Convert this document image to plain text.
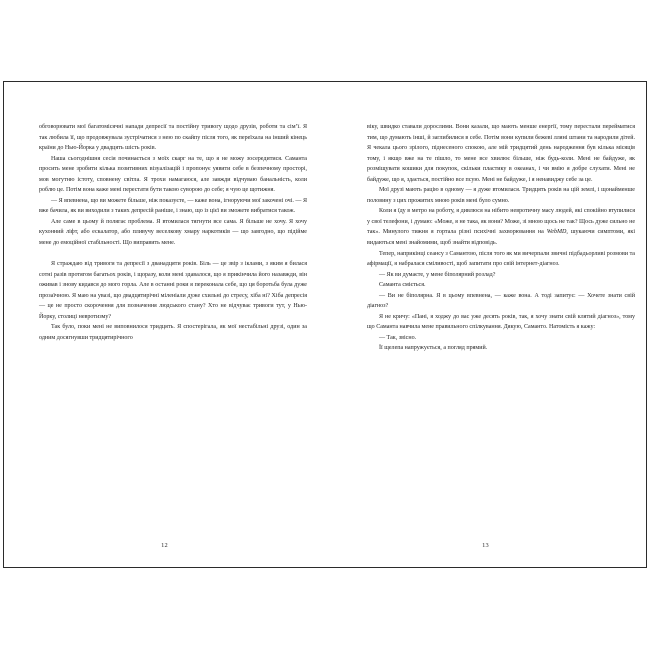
обговорювати мої багатомісячні напади депресії та постійну тривогу щодо друзів, роботи та сім’ї. Я так любила її, що продовжувала зустрічатися з нею по скайпу після того, як переїхала на інший кінець країни до Нью-Йорка у двадцять шість років.

Наша сьогоднішня сесія починається з моїх скарг на те, що я не можу зосередитися. Саманта просить мене зробити кілька позитивних візуалізацій і пропонує уявити себе в безпечному просторі, мов могутню істоту, сповнену світла. Я трохи намагаюся, але завжди відчуваю банальність, коли роблю це. Потім вона каже мені перестати бути такою суворою до себе; я чую це щотижня.

— Я впевнена, що ви можете більше, ніж показуєте, — каже вона, ігноруючи мої закочені очі. — Я вже бачила, як ви виходили з таких депресій раніше, і знаю, що із цієї ви зможете вибратися також.

Але саме в цьому й полягає проблема. Я втомилася тягнути все сама. Я більше не хочу. Я хочу кухонний ліфт, або ескалатор, або пливучу веселкову хмару наркотиків — що завгодно, що підійме мене до емоційної стабільності. Що виправить мене.

Я страждаю від тривоги та депресії з дванадцяти років. Біль — це звір з іклами, з яким я билася сотні разів протягом багатьох років, і щоразу, коли мені здавалося, що я прикінчила його назавжди, він оживав і знову кидався до мого горла. Але в останні роки я переконала себе, що ця боротьба була дуже прозаїчною. Я маю на увазі, що двадцятирічні міленіали дуже схильні до стресу, хіба ні? Хіба депресія — це не просто скорочення для позначення людського стану? Хто не відчуває тривоги тут, у Нью-Йорку, столиці невротизму?

Так було, поки мені не виповнилося тридцять. Я спостерігала, як мої нестабільні друзі, один за одним досягнувши тридцятирічного

12

віку, швидко ставали дорослими. Вони казали, що мають менше енергії, тому перестали перейматися тим, що думають інші, й заглибилися в себе. Потім вони купили бежеві лляні штани та народили дітей. Я чекала цього зрілого, піднесеного спокою, але мій тридцятий день народження був кілька місяців тому, і якщо вже на те пішло, то мене все хвилює більше, ніж будь-коли. Мені не байдуже, як розміщувати кошики для покупок, скільки пластику в океанах, і чи вмію я добре слухати. Мені не байдуже, що я, здається, постійно все псую. Мені не байдуже, і я ненавиджу себе за це.

Мої друзі мають рацію в одному — я дуже втомилася. Тридцять років на цій землі, і щонайменше половину з цих прожитих мною років мені було сумно.

Коли я їду в метро на роботу, я дивлюся на нібито невротичну масу людей, які спокійно втупилися у свої телефони, і думаю: «Може, я не така, як вони? Може, зі мною щось не так? Щось дуже сильно не так». Минулого тижня я гортала різні психічні захворювання на WebMD, шукаючи симптоми, які видаються мені знайомими, щоб знайти відповідь.

Тепер, наприкінці сеансу з Самантою, після того як ми вичерпали звичні підбадьорливі розмови та афірмації, я набралася сміливості, щоб запитати про свій інтернет-діагноз.

— Як ви думаєте, у мене біполярний розлад?

Саманта сміється.

— Ви не біполярна. Я в цьому впевнена, — каже вона. А тоді запитує: — Хочете знати свій діагноз?

Я не кричу: «Пані, я ходжу до вас уже десять років, так, я хочу знати свій клятий діагноз», тому що Саманта навчила мене правильного спілкування. Дякую, Саманто. Натомість я кажу:

— Так, звісно.

Її щелепа напружується, а погляд прямий.

13
